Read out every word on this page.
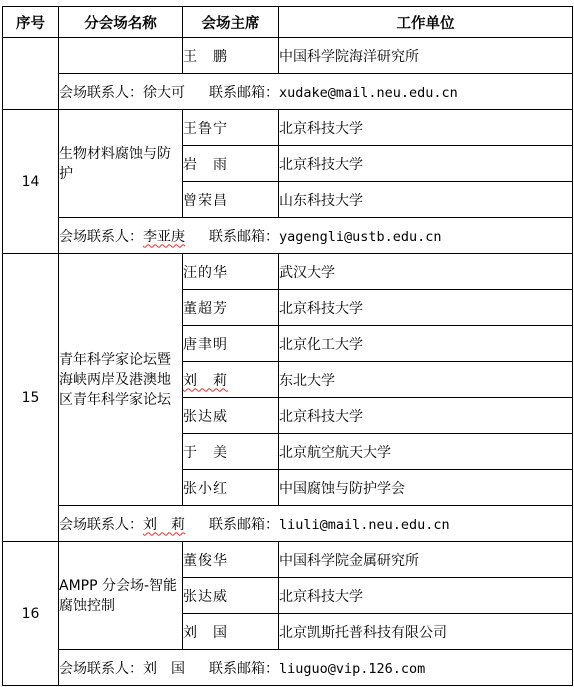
序号	分会场名称	会场主席	工作单位
		王　鹏	中国科学院海洋研究所
	会场联系人：徐大可 联系邮箱：xudake@mail.neu.edu.cn		
14	生物材料腐蚀与防护	王鲁宁	北京科技大学
		岩　雨	北京科技大学
		曾荣昌	山东科技大学
	会场联系人：李亚庚 联系邮箱：yagengli@ustb.edu.cn		
15	青年科学家论坛暨海峡两岸及港澳地区青年科学家论坛	汪的华	武汉大学
		董超芳	北京科技大学
		唐聿明	北京化工大学
		刘　莉	东北大学
		张达威	北京科技大学
		于　美	北京航空航天大学
		张小红	中国腐蚀与防护学会
	会场联系人：刘　莉 联系邮箱：liuli@mail.neu.edu.cn		
16	AMPP 分会场-智能腐蚀控制	董俊华	中国科学院金属研究所
		张达威	北京科技大学
		刘　国	北京凯斯托普科技有限公司
	会场联系人：刘　国 联系邮箱：liuguo@vip.126.com		
